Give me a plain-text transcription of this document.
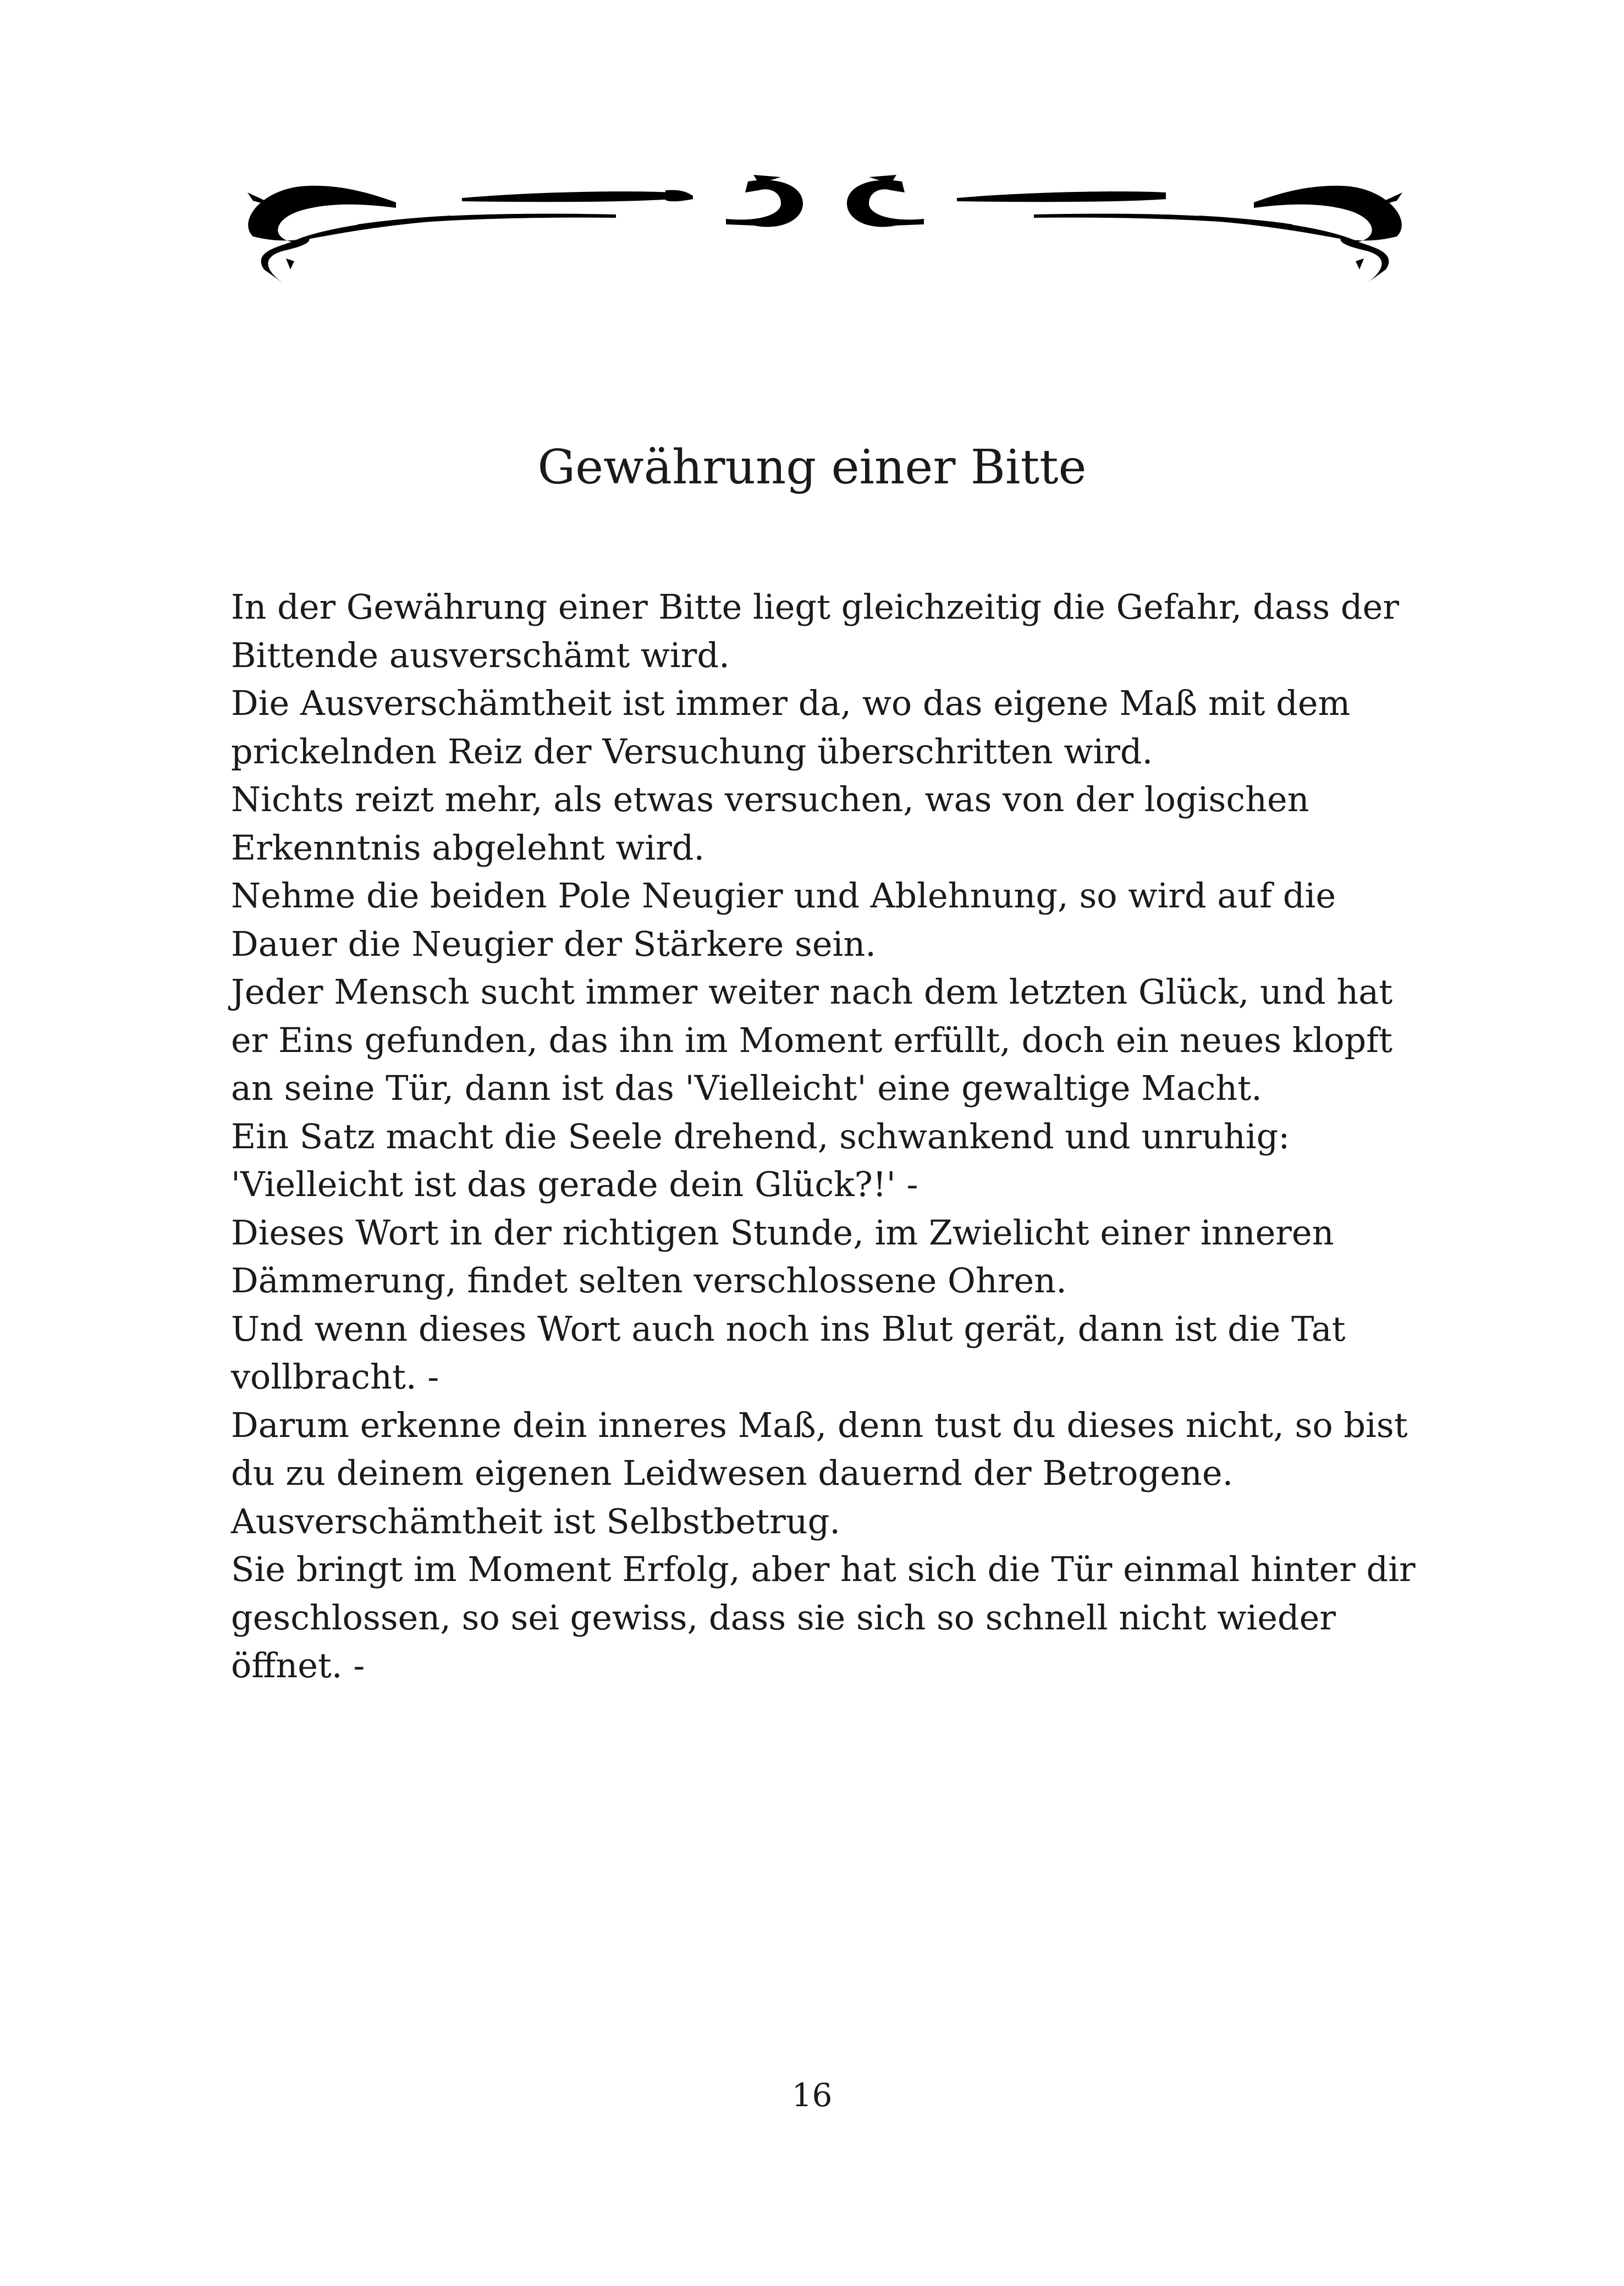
Gewährung einer Bitte
In der Gewährung einer Bitte liegt gleichzeitig die Gefahr, dass der
Bittende ausverschämt wird.
Die Ausverschämtheit ist immer da, wo das eigene Maß mit dem
prickelnden Reiz der Versuchung überschritten wird.
Nichts reizt mehr, als etwas versuchen, was von der logischen
Erkenntnis abgelehnt wird.
Nehme die beiden Pole Neugier und Ablehnung, so wird auf die
Dauer die Neugier der Stärkere sein.
Jeder Mensch sucht immer weiter nach dem letzten Glück, und hat
er Eins gefunden, das ihn im Moment erfüllt, doch ein neues klopft
an seine Tür, dann ist das 'Vielleicht' eine gewaltige Macht.
Ein Satz macht die Seele drehend, schwankend und unruhig:
'Vielleicht ist das gerade dein Glück?!' -
Dieses Wort in der richtigen Stunde, im Zwielicht einer inneren
Dämmerung, findet selten verschlossene Ohren.
Und wenn dieses Wort auch noch ins Blut gerät, dann ist die Tat
vollbracht. -
Darum erkenne dein inneres Maß, denn tust du dieses nicht, so bist
du zu deinem eigenen Leidwesen dauernd der Betrogene.
Ausverschämtheit ist Selbstbetrug.
Sie bringt im Moment Erfolg, aber hat sich die Tür einmal hinter dir
geschlossen, so sei gewiss, dass sie sich so schnell nicht wieder
öffnet. -
16
